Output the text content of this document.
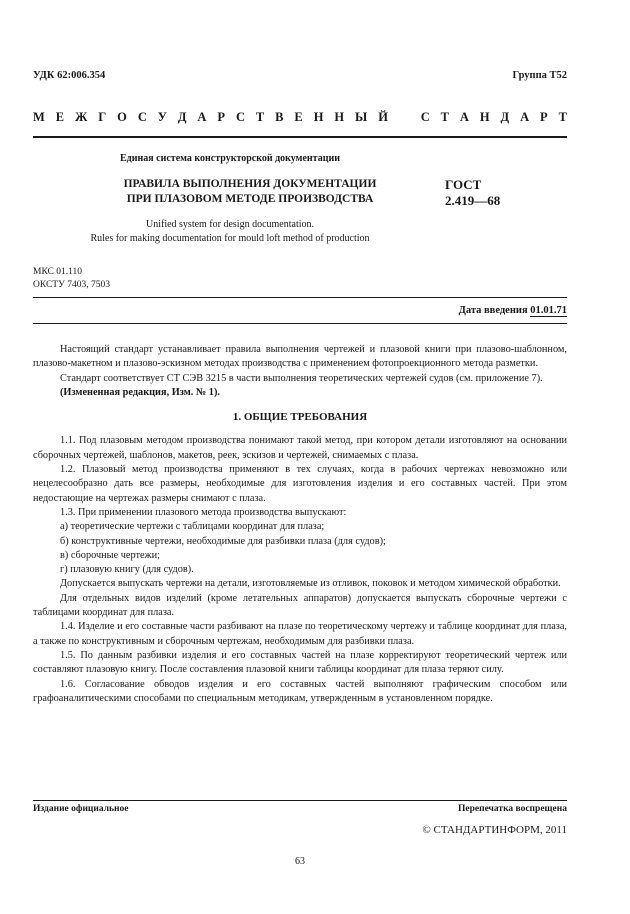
УДК 62:006.354	Группа Т52
М Е Ж Г О С У Д А Р С Т В Е Н Н Ы Й	С Т А Н Д А Р Т
Единая система конструкторской документации
ПРАВИЛА ВЫПОЛНЕНИЯ ДОКУМЕНТАЦИИ
ПРИ ПЛАЗОВОМ МЕТОДЕ ПРОИЗВОДСТВА
ГОСТ
2.419—68
Unified system for design documentation.
Rules for making documentation for mould loft method of production
МКС 01.110
ОКСТУ 7403, 7503
Дата введения 01.01.71

Настоящий стандарт устанавливает правила выполнения чертежей и плазовой книги при плазово-шаблонном, плазово-макетном и плазово-эскизном методах производства с применением фотопроекционного метода разметки.

Стандарт соответствует СТ СЭВ 3215 в части выполнения теоретических чертежей судов (см. приложение 7).

(Измененная редакция, Изм. № 1).

1. ОБЩИЕ ТРЕБОВАНИЯ

1.1. Под плазовым методом производства понимают такой метод, при котором детали изготовляют на основании сборочных чертежей, шаблонов, макетов, реек, эскизов и чертежей, снимаемых с плаза.

1.2. Плазовый метод производства применяют в тех случаях, когда в рабочих чертежах невозможно или нецелесообразно дать все размеры, необходимые для изготовления изделия и его составных частей. При этом недостающие на чертежах размеры снимают с плаза.

1.3. При применении плазового метода производства выпускают:

а) теоретические чертежи с таблицами координат для плаза;

б) конструктивные чертежи, необходимые для разбивки плаза (для судов);

в) сборочные чертежи;

г) плазовую книгу (для судов).

Допускается выпускать чертежи на детали, изготовляемые из отливок, поковок и методом химической обработки.

Для отдельных видов изделий (кроме летательных аппаратов) допускается выпускать сборочные чертежи с таблицами координат для плаза.

1.4. Изделие и его составные части разбивают на плазе по теоретическому чертежу и таблице координат для плаза, а также по конструктивным и сборочным чертежам, необходимым для разбивки плаза.

1.5. По данным разбивки изделия и его составных частей на плазе корректируют теоретический чертеж или составляют плазовую книгу. После составления плазовой книги таблицы координат для плаза теряют силу.

1.6. Согласование обводов изделия и его составных частей выполняют графическим способом или графоаналитическими способами по специальным методикам, утвержденным в установленном порядке.

Издание официальное	Перепечатка воспрещена
© СТАНДАРТИНФОРМ, 2011
63
